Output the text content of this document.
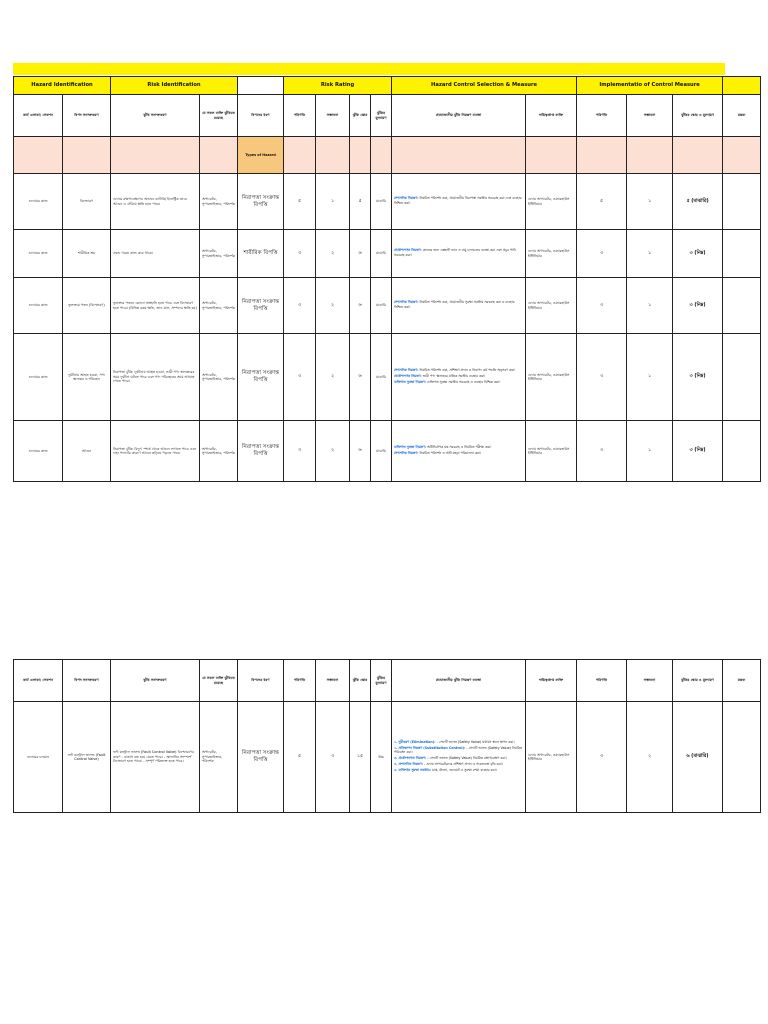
Hazard Identification		Risk Identification			Risk Rating				Hazard Control Selection & Measure		Implementatio of Control Measure			
কার্য এলাকা/ সেকশন	বিপদ সনাক্তকরণ	ঝুঁকি সনাক্তকরণ	যে সকল ব্যক্তি ঝুঁকিতে রয়েছে	বিপদের ধরণ	পরিণতি	সম্ভাবনা	ঝুঁকি স্কোর	ঝুঁকির মূল্যায়ণ	প্রযোজ্যনীয় ঝুঁকি নিয়ন্ত্রণ ব্যবস্থা	দায়িত্বপ্রাপ্ত ব্যক্তি	পরিণতি	সম্ভাবনা	ঝুঁকির স্কোর ও মূল্যায়ণ	মন্তব্য
				Types of Hazard										
গুদামের কাজ	বিস্ফোরণ	গুদামে রক্ষণাবেক্ষণের অভাবে ব্যাটারি/ ইলেক্ট্রিক তারে আগুন ও ধোঁয়ায় ক্ষতি হতে পারে।	অপারেটর, সুপারভাইজার, পরিদর্শক	নিরাপত্তা সংক্রান্ত বিপত্তি	৫	১	৫	মাঝারি	প্রশাসনিক নিয়ন্ত্রণ: নিয়মিত পরিদর্শন করা, প্রয়োজনীয় নিরাপত্তা সরঞ্জাম সরবরাহ করা এবং ব্যবহার নিশ্চিত করা।	গুদাম অপারেটর, ওয়্যারহাউস ইঞ্জিনিয়ার	৫	১	৫ (মাঝারি)	
গুদামের কাজ	শারীরিক শ্রম	প্রচন্ড গরমে কাজ করে থাকে।	অপারেটর, সুপারভাইজার, পরিদর্শক	শারীরিক বিপত্তি	৩	২	৬	মাঝারি	প্রকৌশলগত নিয়ন্ত্রণ: কাজের জন্য এক্সহস্ট ফ্যান ও বায়ু চলাচলের ব্যবস্থা করা এবং প্রচুর পানি সরবরাহ করা।	গুদাম অপারেটর, ওয়্যারহাউস ইঞ্জিনিয়ার	৩	১	৩ (নিম্ন)	
গুদামের কাজ	ভুলক্রমে পতন (বিস্ফোরণ)	ভুলক্রমে পতনে কোনো অঙ্গহানি হতে পারে এবং বিস্ফোরণ হতে পারে। (বিভিন্ন রকম ক্ষতি, জান মাল, সম্পদের ক্ষতি হয়)	অপারেটর, সুপারভাইজার, পরিদর্শক	নিরাপত্তা সংক্রান্ত বিপত্তি	৩	২	৬	মাঝারি	প্রশাসনিক নিয়ন্ত্রণ: নিয়মিত পরিদর্শন করা, প্রয়োজনীয় সুরক্ষা সরঞ্জাম সরবরাহ করা ও ব্যবহার নিশ্চিত করা।	গুদাম অপারেটর, ওয়্যারহাউস ইঞ্জিনিয়ার	৩	১	৩ (নিম্ন)	
গুদামের কাজ	দুর্ঘটনায় আহত হওয়া, পণ্য স্থানান্তর ও পরিবহন	নিরাপত্তা ঝুঁকি: দুর্ঘটনায় আহত হওয়া, ভারী পণ্য স্থানান্তরের সময় দুর্ঘটনা ঘটতে পারে এবং পণ্য পরিবহনের সময় আঘাত পেতে পারে।	অপারেটর, সুপারভাইজার, পরিদর্শক	নিরাপত্তা সংক্রান্ত বিপত্তি	৩	২	৬	মাঝারি	প্রশাসনিক নিয়ন্ত্রণ: নিয়মিত পরিদর্শন করা, প্রশিক্ষণ প্রদান ও নিরাপদ কর্ম পদ্ধতি অনুসরণ করা।
প্রকৌশলগত নিয়ন্ত্রণ: ভারী পণ্য স্থানান্তরে যান্ত্রিক সরঞ্জাম ব্যবহার করা।
ব্যক্তিগত সুরক্ষা নিয়ন্ত্রণ: ব্যক্তিগত সুরক্ষা সরঞ্জাম সরবরাহ ও ব্যবহার নিশ্চিত করা।	গুদাম অপারেটর, ওয়্যারহাউস ইঞ্জিনিয়ার	৩	১	৩ (নিম্ন)	
গুদামের কাজ	আগুন	নিরাপত্তা ঝুঁকি: বিদ্যুৎ স্পার্ক থেকে আগুন লাগতে পারে এবং দাহ্য পদার্থের কারণে আগুন ছড়িয়ে পড়তে পারে।	অপারেটর, সুপারভাইজার, পরিদর্শক	নিরাপত্তা সংক্রান্ত বিপত্তি	৩	২	৬	মাঝারি	ব্যক্তিগত সুরক্ষা নিয়ন্ত্রণ: অগ্নিনির্বাপক যন্ত্র সরবরাহ ও নিয়মিত পরীক্ষা করা।
প্রশাসনিক নিয়ন্ত্রণ: নিয়মিত পরিদর্শন ও অগ্নি মহড়া পরিচালনা করা।	গুদাম অপারেটর, ওয়্যারহাউস ইঞ্জিনিয়ার	৩	১	৩ (নিম্ন)	
কার্য এলাকা/ সেকশন	বিপদ সনাক্তকরণ	ঝুঁকি সনাক্তকরণ	যে সকল ব্যক্তি ঝুঁকিতে রয়েছে	বিপদের ধরণ	পরিণতি	সম্ভাবনা	ঝুঁকি স্কোর	ঝুঁকির মূল্যায়ণ	প্রযোজ্যনীয় ঝুঁকি নিয়ন্ত্রণ ব্যবস্থা	দায়িত্বপ্রাপ্ত ব্যক্তি	পরিণতি	সম্ভাবনা	ঝুঁকির স্কোর ও মূল্যায়ণ	মন্তব্য
গুদামের চলমান	ফল্ট কন্ট্রোল ভালভ (Fault Control Valve)	ফল্ট কন্ট্রোল ভালভ (Fault Control Valve) বিস্ফোরণের কারণ - বাতাস বন্ধ হয়ে যেতে পারে। - জ্বালানির সংস্পর্শে বিস্ফোরণ হতে পারে। - সম্পূর্ণ পরিত্যক্ত হতে পারে।	অপারেটর, সুপারভাইজার, পরিদর্শক	নিরাপত্তা সংক্রান্ত বিপত্তি	৫	৩	১৫	উচ্চ	১. দূরীকরণ (Elimination): - সেফটি ভালভ (Safety Value) যথাযথ স্থানে স্থাপন করা।
২. প্রতিস্থাপন নিয়ন্ত্রণ (Substitution Control): - সেফটি ভালভ (Safety Value) নিয়মিত পরিবর্তন করা।
৩. প্রকৌশলগত নিয়ন্ত্রণ: - সেফটি ভালভ (Safety Value) নিয়মিত রক্ষণাবেক্ষণ করা।
৪. প্রশাসনিক নিয়ন্ত্রণ: - গুদাম অপারেটরদের প্রশিক্ষণ প্রদান ও সচেতনতা বৃদ্ধি করা।
৫. ব্যক্তিগত সুরক্ষা সরঞ্জাম: মাস্ক, গ্লাভস, হেলমেট ও সুরক্ষা চশমা ব্যবহার করা।	গুদাম অপারেটর, ওয়্যারহাউস ইঞ্জিনিয়ার	৩	২	৬ (মাঝারি)	
